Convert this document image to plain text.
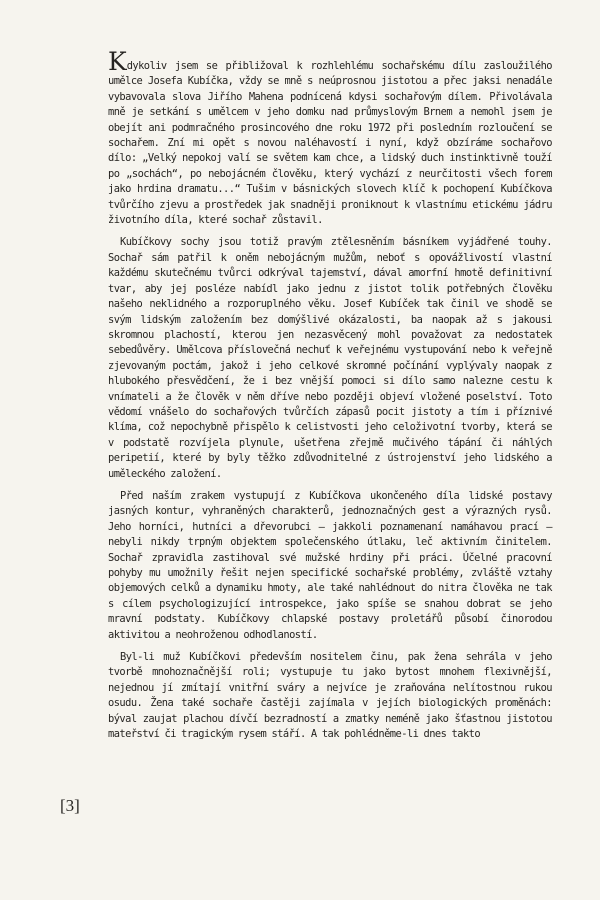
Kdykoliv jsem se přibližoval k rozhlehlému sochařskému dílu zasloužilého umělce Josefa Kubíčka, vždy se mně s neúprosnou jistotou a přec jaksi nenadále vybavovala slova Jiřího Mahena podnícená kdysi sochařovým dílem. Přivolávala mně je setkání s umělcem v jeho domku nad průmyslovým Brnem a nemohl jsem je obejít ani podmračného prosincového dne roku 1972 při posledním rozloučení se sochařem. Zní mi opět s novou naléhavostí i nyní, když obzíráme sochařovo dílo: „Velký nepokoj valí se světem kam chce, a lidský duch instinktivně touží po „sochách“, po nebojácném člověku, který vychází z neurčitosti všech forem jako hrdina dramatu...“ Tušim v básnických slovech klíč k pochopení Kubíčkova tvůrčího zjevu a prostředek jak snadněji proniknout k vlastnímu etickému jádru životního díla, které sochař zůstavil.

Kubíčkovy sochy jsou totiž pravým ztělesněním básníkem vyjádřené touhy. Sochař sám patřil k oněm nebojácným mužům, neboť s opovážlivostí vlastní každému skutečnému tvůrci odkrýval tajemství, dával amorfní hmotě definitivní tvar, aby jej posléze nabídl jako jednu z jistot tolik potřebných člověku našeho neklidného a rozporuplného věku. Josef Kubíček tak činil ve shodě se svým lidským založením bez domýšlivé okázalosti, ba naopak až s jakousi skromnou plachostí, kterou jen nezasvěcený mohl považovat za nedostatek sebedůvěry. Umělcova příslovečná nechuť k veřejnému vystupování nebo k veřejně zjevovaným poctám, jakož i jeho celkové skromné počínání vyplývaly naopak z hlubokého přesvědčení, že i bez vnější pomoci si dílo samo nalezne cestu k vnímateli a že člověk v něm dříve nebo později objeví vložené poselství. Toto vědomí vnášelo do sochařových tvůrčích zápasů pocit jistoty a tím i příznivé klíma, což nepochybně přispělo k celistvosti jeho celoživotní tvorby, která se v podstatě rozvíjela plynule, ušetřena zřejmě mučivého tápání či náhlých peripetií, které by byly těžko zdůvodnitelné z ústrojenství jeho lidského a uměleckého založení.

Před naším zrakem vystupují z Kubíčkova ukončeného díla lidské postavy jasných kontur, vyhraněných charakterů, jednoznačných gest a výrazných rysů. Jeho horníci, hutníci a dřevorubci — jakkoli poznamenaní namáhavou prací — nebyli nikdy trpným objektem společenského útlaku, leč aktivním činitelem. Sochař zpravidla zastihoval své mužské hrdiny při práci. Účelné pracovní pohyby mu umožnily řešit nejen specifické sochařské problémy, zvláště vztahy objemových celků a dynamiku hmoty, ale také nahlédnout do nitra člověka ne tak s cílem psychologizující introspekce, jako spíše se snahou dobrat se jeho mravní podstaty. Kubíčkovy chlapské postavy proletářů působí činorodou aktivitou a neohroženou odhodlaností.

Byl-li muž Kubíčkovi především nositelem činu, pak žena sehrála v jeho tvorbě mnohoznačnější roli; vystupuje tu jako bytost mnohem flexivnější, nejednou jí zmítají vnitřní sváry a nejvíce je zraňována nelítostnou rukou osudu. Žena také sochaře častěji zajímala v jejích biologických proměnách: býval zaujat plachou dívčí bezradností a zmatky neméně jako šťastnou jistotou mateřství či tragickým rysem stáří. A tak pohlédněme-li dnes takto

[3]
